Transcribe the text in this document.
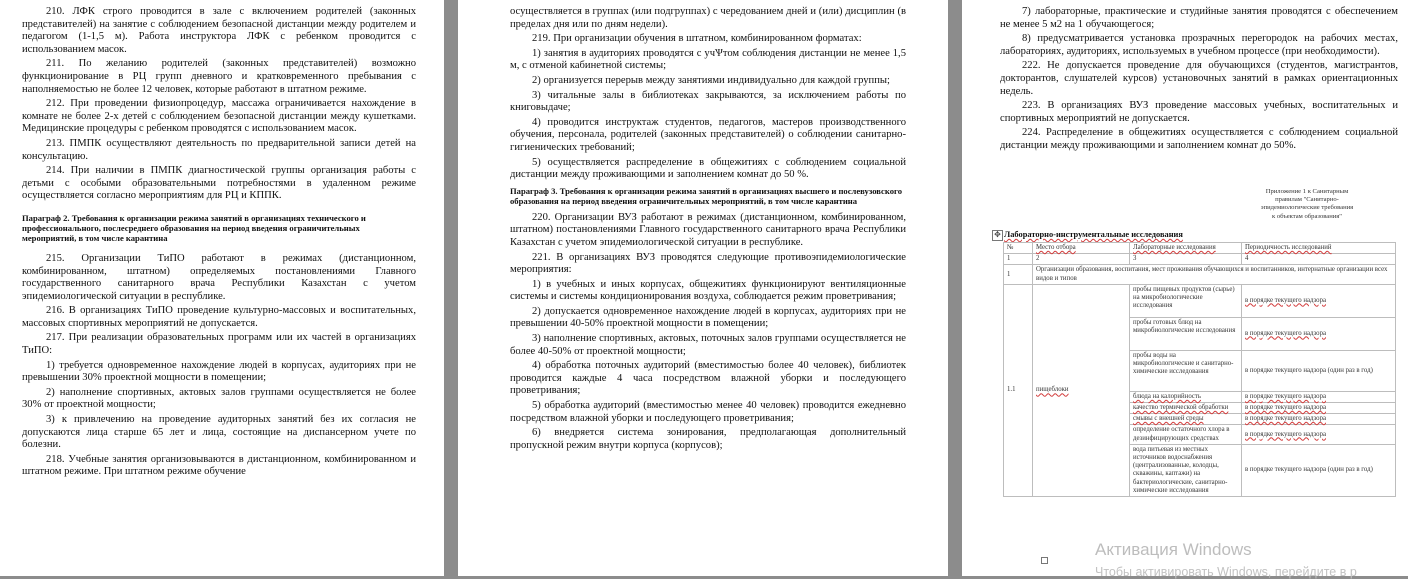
210. ЛФК строго проводится в зале с включением родителей (законных представителей) на занятие с соблюдением безопасной дистанции между родителем и педагогом (1-1,5 м). Работа инструктора ЛФК с ребенком проводится с использованием масок.

211. По желанию родителей (законных представителей) возможно функционирование в РЦ групп дневного и кратковременного пребывания с наполняемостью не более 12 человек, которые работают в штатном режиме.

212. При проведении физиопроцедур, массажа ограничивается нахождение в комнате не более 2-х детей с соблюдением безопасной дистанции между кушетками. Медицинские процедуры с ребенком проводятся с использованием масок.

213. ПМПК осуществляют деятельность по предварительной записи детей на консультацию.

214. При наличии в ПМПК диагностической группы организация работы с детьми с особыми образовательными потребностями в удаленном режиме осуществляется согласно мероприятиям для РЦ и КППК.

Параграф 2. Требования к организации режима занятий в организациях технического и профессионального, послесреднего образования на период введения ограничительных мероприятий, в том числе карантина

215. Организации ТиПО работают в режимах (дистанционном, комбинированном, штатном) определяемых постановлениями Главного государственного санитарного врача Республики Казахстан с учетом эпидемиологической ситуации в республике.

216. В организациях ТиПО проведение культурно-массовых и воспитательных, массовых спортивных мероприятий не допускается.

217. При реализации образовательных программ или их частей в организациях ТиПО:

1) требуется одновременное нахождение людей в корпусах, аудиториях при не превышении 30% проектной мощности в помещении;

2) наполнение спортивных, актовых залов группами осуществляется не более 30% от проектной мощности;

3) к привлечению на проведение аудиторных занятий без их согласия не допускаются лица старше 65 лет и лица, состоящие на диспансерном учете по болезни.

218. Учебные занятия организовываются в дистанционном, комбинированном и штатном режиме. При штатном режиме обучение

осуществляется в группах (или подгруппах) с чередованием дней и (или) дисциплин (в пределах дня или по дням недели).

219. При организации обучения в штатном, комбинированном форматах:

1) занятия в аудиториях проводятся с учѰтом соблюдения дистанции не менее 1,5 м, с отменой кабинетной системы;

2) организуется перерыв между занятиями индивидуально для каждой группы;

3) читальные залы в библиотеках закрываются, за исключением работы по книговыдаче;

4) проводится инструктаж студентов, педагогов, мастеров производственного обучения, персонала, родителей (законных представителей) о соблюдении санитарно-гигиенических требований;

5) осуществляется распределение в общежитиях с соблюдением социальной дистанции между проживающими и заполнением комнат до 50 %.

Параграф 3. Требования к организации режима занятий в организациях высшего и послевузовского образования на период введения ограничительных мероприятий, в том числе карантина

220. Организации ВУЗ работают в режимах (дистанционном, комбинированном, штатном) постановлениями Главного государственного санитарного врача Республики Казахстан с учетом эпидемиологической ситуации в республике.

221. В организациях ВУЗ проводятся следующие противоэпидемиологические мероприятия:

1) в учебных и иных корпусах, общежитиях функционируют вентиляционные системы и системы кондиционирования воздуха, соблюдается режим проветривания;

2) допускается одновременное нахождение людей в корпусах, аудиториях при не превышении 40-50% проектной мощности в помещении;

3) наполнение спортивных, актовых, поточных залов группами осуществляется не более 40-50% от проектной мощности;

4) обработка поточных аудиторий (вместимостью более 40 человек), библиотек проводится каждые 4 часа посредством влажной уборки и последующего проветривания;

5) обработка аудиторий (вместимостью менее 40 человек) проводится ежедневно посредством влажной уборки и последующего проветривания;

6) внедряется система зонирования, предполагающая дополнительный пропускной режим внутри корпуса (корпусов);

7) лабораторные, практические и студийные занятия проводятся с обеспечением не менее 5 м2 на 1 обучающегося;

8) предусматривается установка прозрачных перегородок на рабочих местах, лабораториях, аудиториях, используемых в учебном процессе (при необходимости).

222. Не допускается проведение для обучающихся (студентов, магистрантов, докторантов, слушателей курсов) установочных занятий в рамках ориентационных недель.

223. В организациях ВУЗ проведение массовых учебных, воспитательных и спортивных мероприятий не допускается.

224. Распределение в общежитиях осуществляется с соблюдением социальной дистанции между проживающими и заполнением комнат до 50%.

Приложение 1 к Санитарным
правилам "Санитарно-
эпидемиологические требования
к объектам образования"
✥ Лабораторно-инструментальные исследования
№	Место отбора	Лабораторные исследования	Периодичность исследований
1	2	3	4
1	Организации образования, воспитания, мест проживания обучающихся и воспитанников, интернатные организации всех видов и типов		
1.1	пищеблоки	пробы пищевых продуктов (сырье) на микробиологические исследования	в порядке текущего надзора
		пробы готовых блюд на микробиологические исследования	в порядке текущего надзора
		пробы воды на микробиологические и санитарно-химические исследования	в порядке текущего надзора (один раз в год)
		блюда на калорийность	в порядке текущего надзора
		качество термической обработки	в порядке текущего надзора
		смывы с внешней среды	в порядке текущего надзора
		определение остаточного хлора в дезинфицирующих средствах	в порядке текущего надзора
		вода питьевая из местных источников водоснабжения (централизованные, колодцы, скважины, каптажи) на бактериологические, санитарно-химические исследования	в порядке текущего надзора (один раз в год)
Активация Windows
Чтобы активировать Windows, перейдите в р
